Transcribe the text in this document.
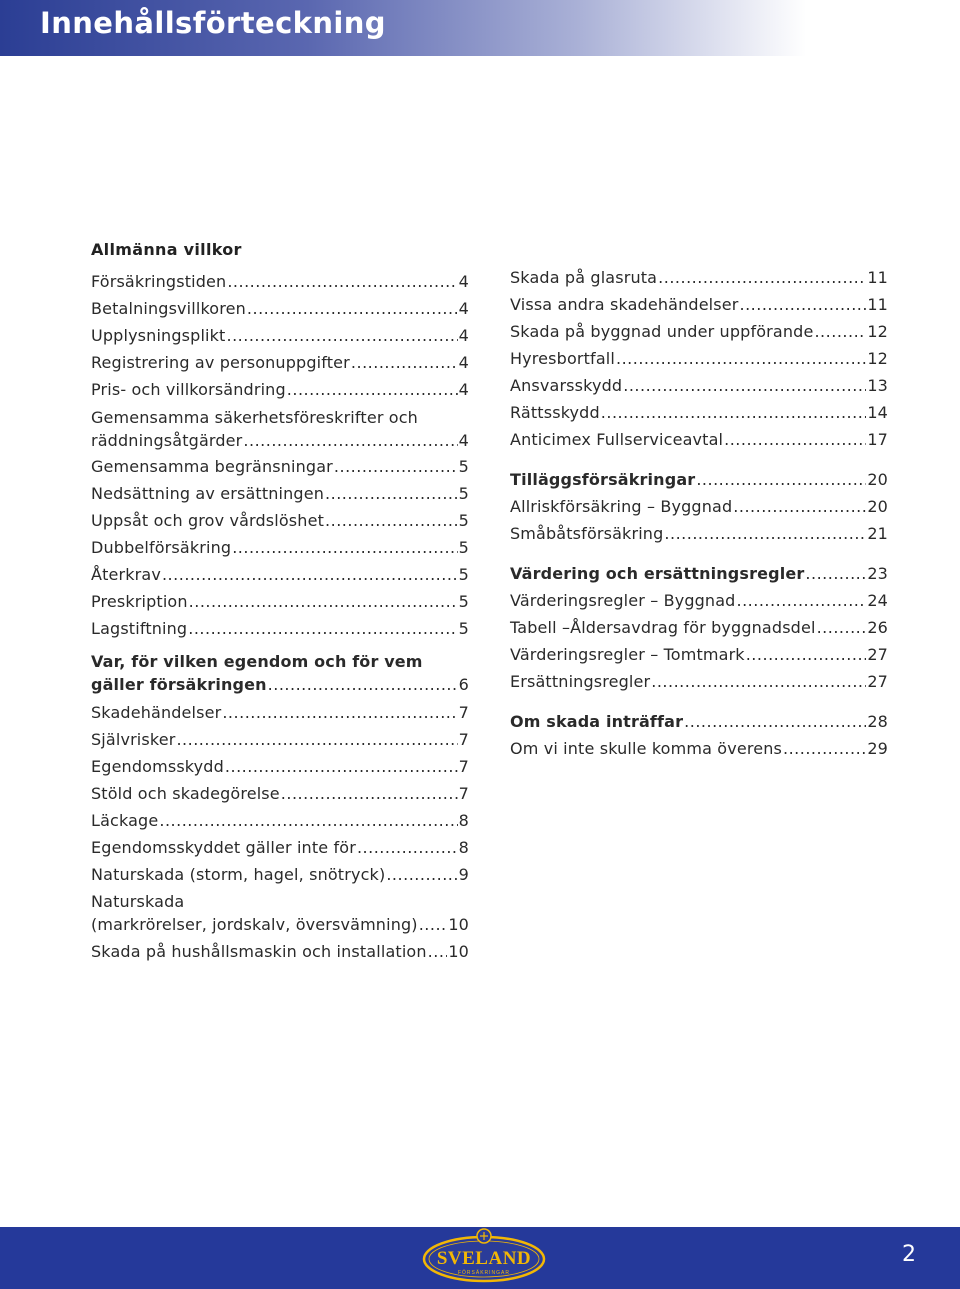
Innehållsförteckning
Allmänna villkor
Försäkringstiden .....	4
Betalningsvillkoren .....	4
Upplysningsplikt .....	4
Registrering av personuppgifter .....	4
Pris- och villkorsändring .....	4
Gemensamma säkerhetsföreskrifter och
räddningsåtgärder .....	4
Gemensamma begränsningar .....	5
Nedsättning av ersättningen .....	5
Uppsåt och grov vårdslöshet .....	5
Dubbelförsäkring .....	5
Återkrav .....	5
Preskription .....	5
Lagstiftning .....	5
Var, för vilken egendom och för vem
gäller försäkringen .....	6
Skadehändelser .....	7
Självrisker .....	7
Egendomsskydd .....	7
Stöld och skadegörelse .....	7
Läckage .....	8
Egendomsskyddet gäller inte för .....	8
Naturskada (storm, hagel, snötryck) .....	9
Naturskada
(markrörelser, jordskalv, översvämning) ..... 10
Skada på hushållsmaskin och installation ..... 10
Skada på glasruta .....	11
Vissa andra skadehändelser .....	11
Skada på byggnad under uppförande .....	12
Hyresbortfall .....	12
Ansvarsskydd .....	13
Rättsskydd .....	14
Anticimex Fullserviceavtal .....	17
Tilläggsförsäkringar .....	20
Allriskförsäkring – Byggnad .....	20
Småbåtsförsäkring .....	21
Värdering och ersättningsregler .....	23
Värderingsregler – Byggnad .....	24
Tabell –Åldersavdrag för byggnadsdel .....	26
Värderingsregler – Tomtmark .....	27
Ersättningsregler .....	27
Om skada inträffar .....	28
Om vi inte skulle komma överens .....	29
SVELAND
FÖRSÄKRINGAR
2
